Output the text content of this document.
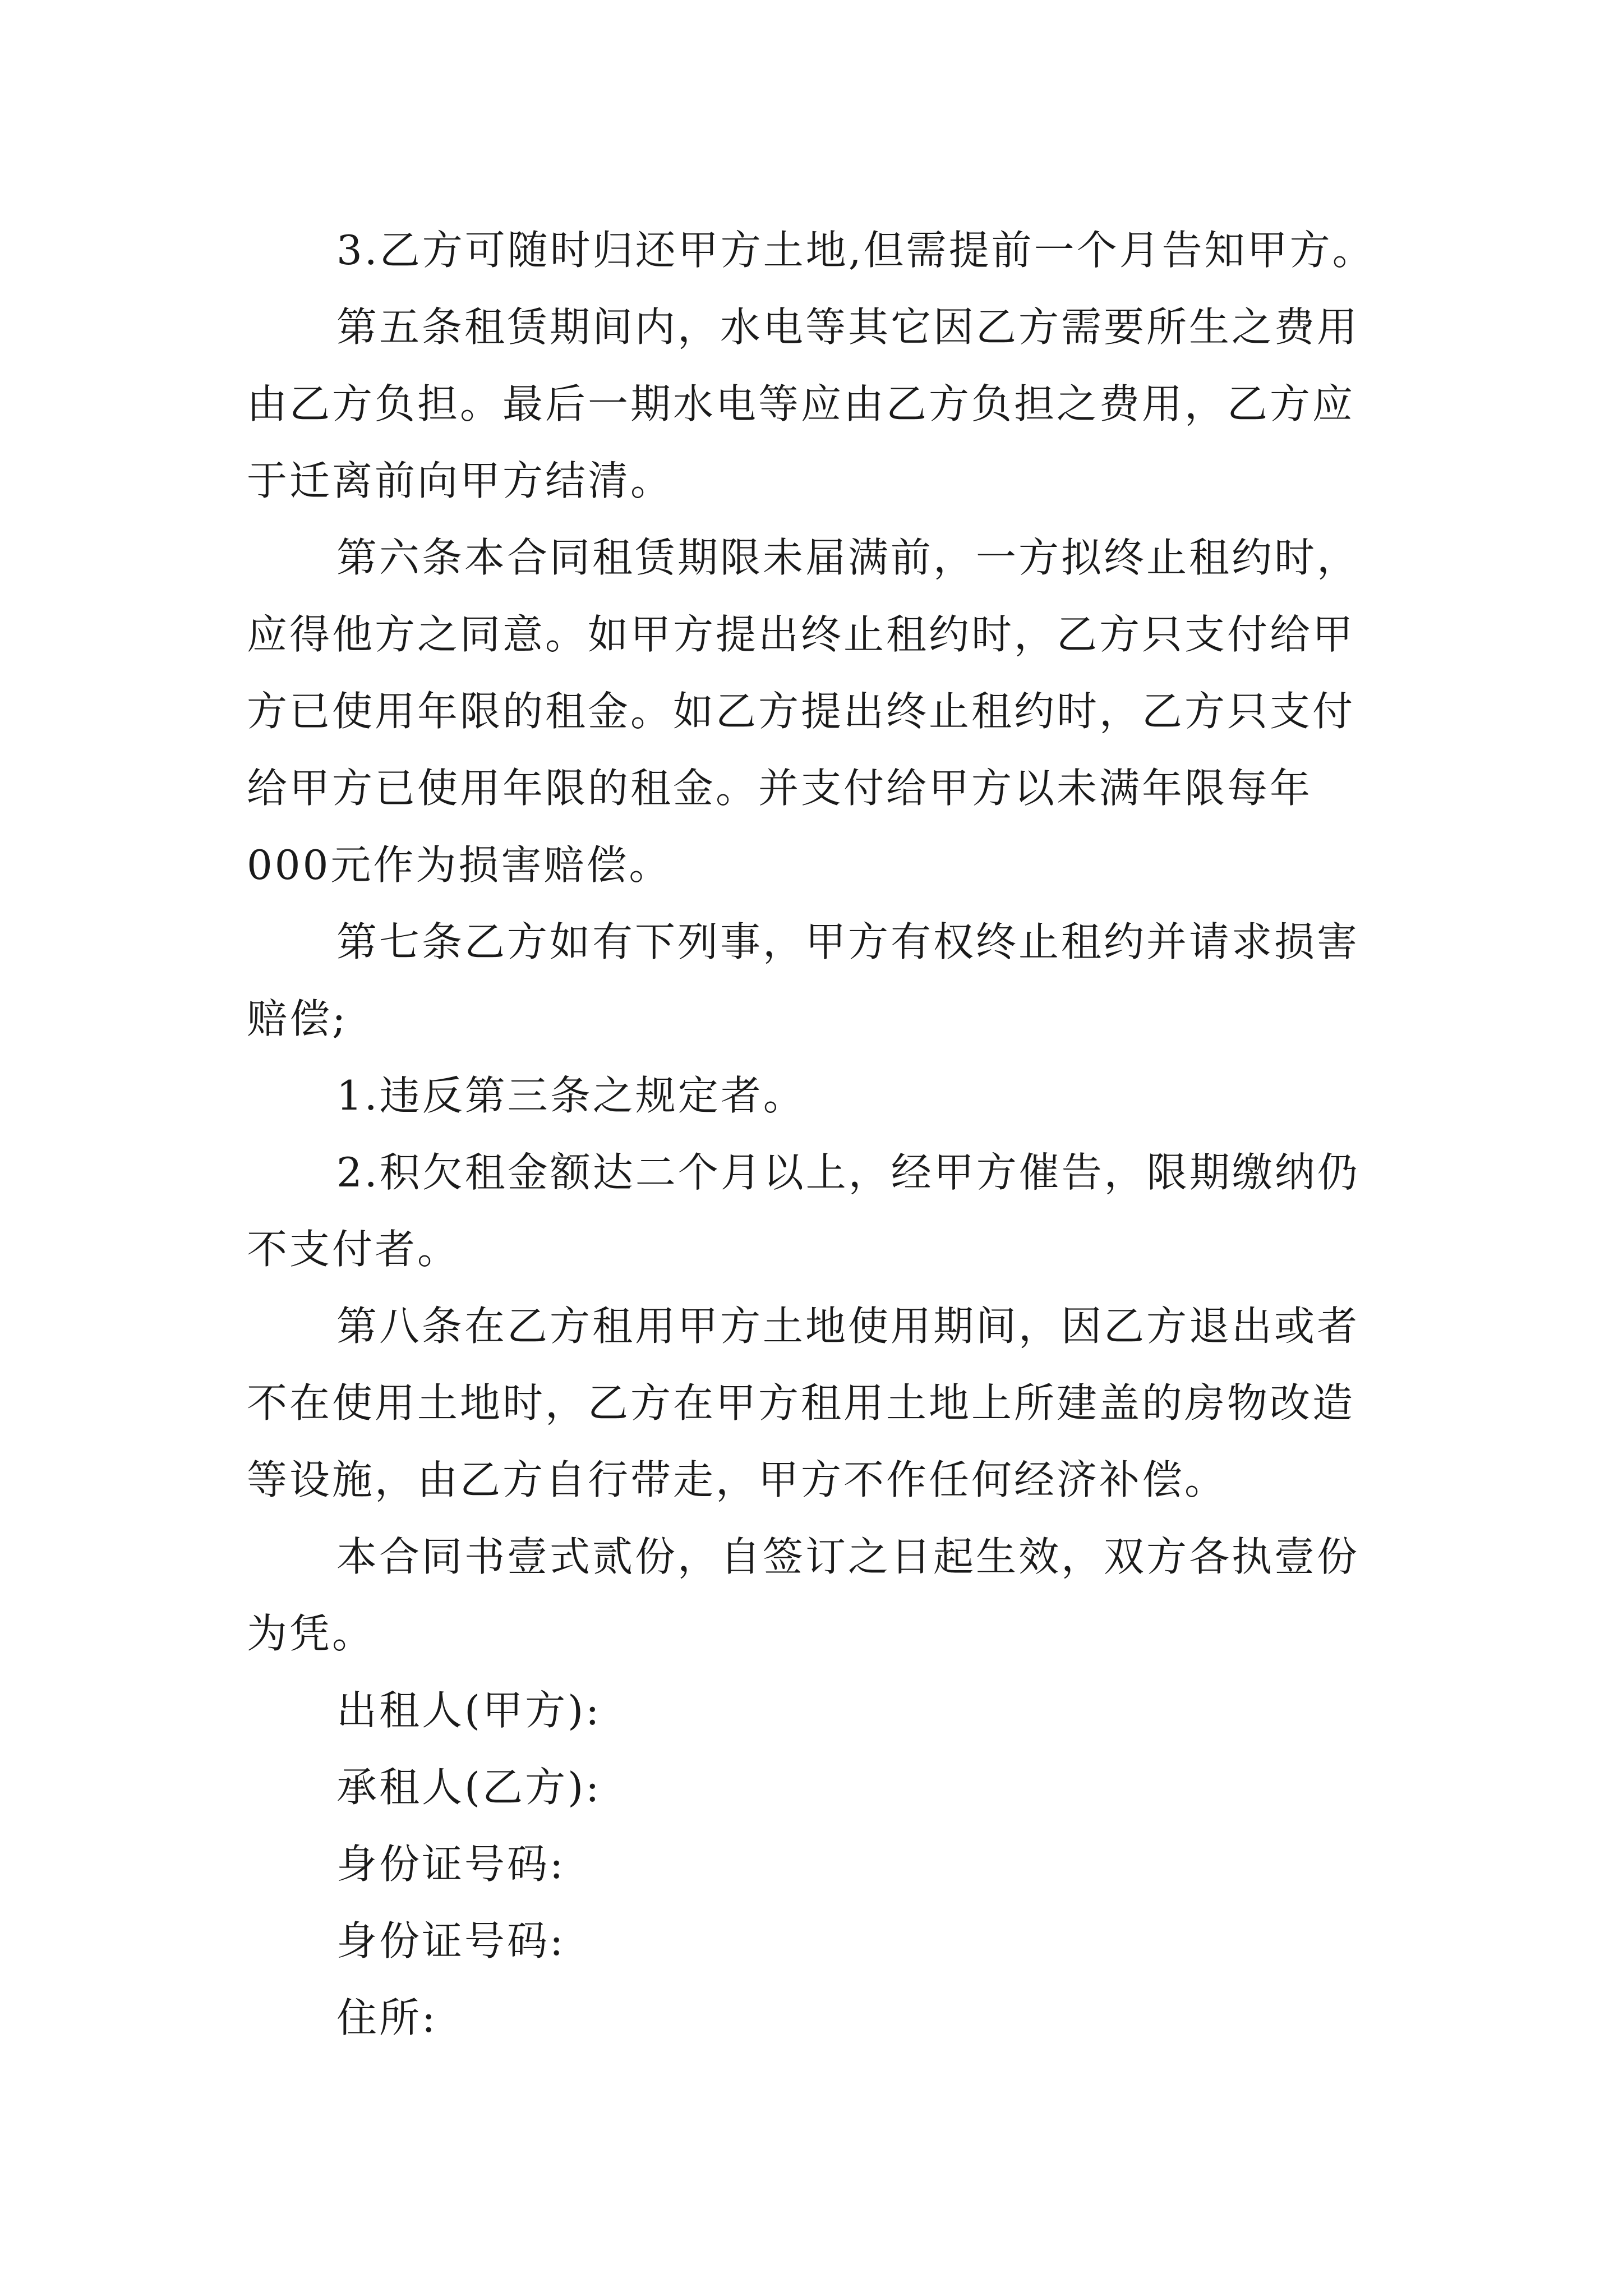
3.乙方可随时归还甲方土地,但需提前一个月告知甲方。

第五条租赁期间内，水电等其它因乙方需要所生之费用
由乙方负担。最后一期水电等应由乙方负担之费用，乙方应
于迁离前向甲方结清。

第六条本合同租赁期限未届满前，一方拟终止租约时，
应得他方之同意。如甲方提出终止租约时，乙方只支付给甲
方已使用年限的租金。如乙方提出终止租约时，乙方只支付
给甲方已使用年限的租金。并支付给甲方以未满年限每年
000元作为损害赔偿。

第七条乙方如有下列事，甲方有权终止租约并请求损害
赔偿;

1.违反第三条之规定者。

2.积欠租金额达二个月以上，经甲方催告，限期缴纳仍
不支付者。

第八条在乙方租用甲方土地使用期间，因乙方退出或者
不在使用土地时，乙方在甲方租用土地上所建盖的房物改造
等设施，由乙方自行带走，甲方不作任何经济补偿。

本合同书壹式贰份，自签订之日起生效，双方各执壹份
为凭。

出租人(甲方):
承租人(乙方):
身份证号码:
身份证号码:
住所:
